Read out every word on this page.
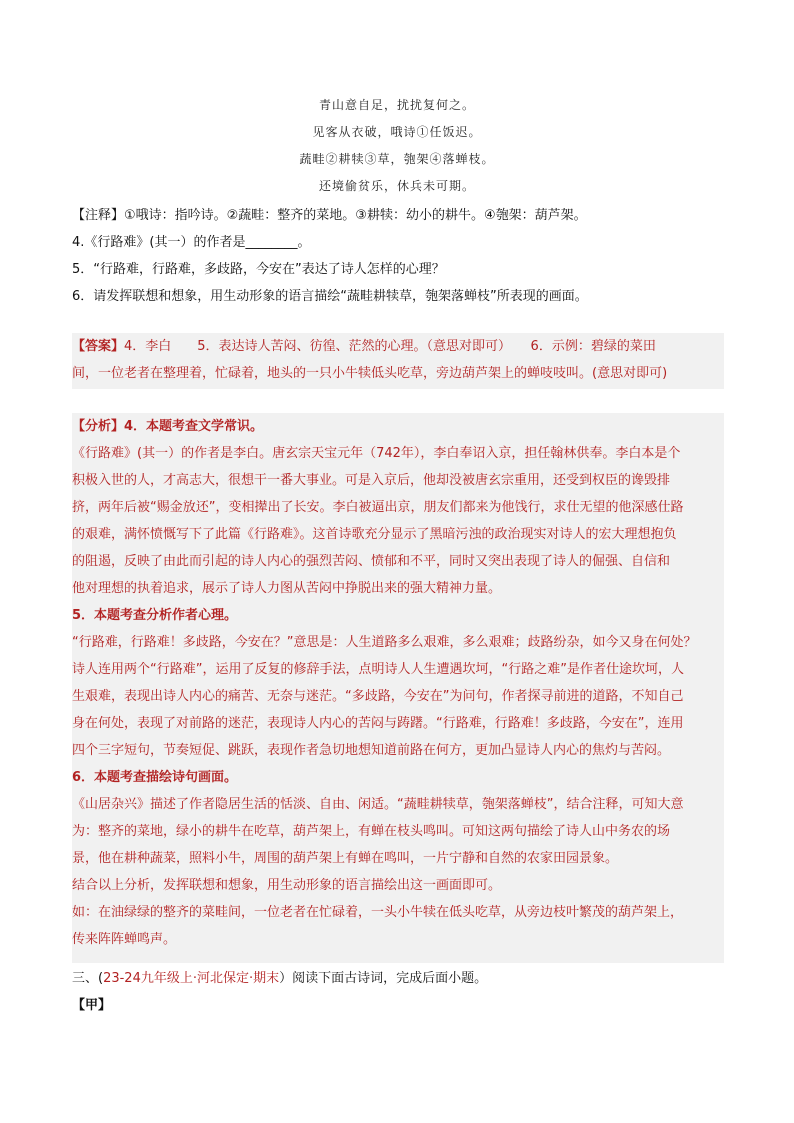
青山意自足，扰扰复何之。
见客从衣破，哦诗①任饭迟。
蔬畦②耕犊③草，匏架④落蝉枝。
还境偷贫乐，休兵未可期。
【注释】①哦诗：指吟诗。②蔬畦：整齐的菜地。③耕犊：幼小的耕牛。④匏架：葫芦架。
4.《行路难》(其一）的作者是________。
5．“行路难，行路难，多歧路，今安在”表达了诗人怎样的心理？
6．请发挥联想和想象，用生动形象的语言描绘“蔬畦耕犊草，匏架落蝉枝”所表现的画面。
【答案】4．李白　　5．表达诗人苦闷、彷徨、茫然的心理。（意思对即可）　　6．示例：碧绿的菜田
间，一位老者在整理着，忙碌着，地头的一只小牛犊低头吃草，旁边葫芦架上的蝉吱吱叫。(意思对即可)
【分析】4．本题考查文学常识。
《行路难》(其一）的作者是李白。唐玄宗天宝元年（742年），李白奉诏入京，担任翰林供奉。李白本是个
积极入世的人，才高志大，很想干一番大事业。可是入京后，他却没被唐玄宗重用，还受到权臣的谗毁排
挤，两年后被“赐金放还”，变相撵出了长安。李白被逼出京，朋友们都来为他饯行，求仕无望的他深感仕路
的艰难，满怀愤慨写下了此篇《行路难》。这首诗歌充分显示了黑暗污浊的政治现实对诗人的宏大理想抱负
的阻遏，反映了由此而引起的诗人内心的强烈苦闷、愤郁和不平，同时又突出表现了诗人的倔强、自信和
他对理想的执着追求，展示了诗人力图从苦闷中挣脱出来的强大精神力量。
5．本题考查分析作者心理。
“行路难，行路难！多歧路，今安在？”意思是：人生道路多么艰难，多么艰难；歧路纷杂，如今又身在何处？
诗人连用两个“行路难”，运用了反复的修辞手法，点明诗人人生遭遇坎坷，“行路之难”是作者仕途坎坷，人
生艰难，表现出诗人内心的痛苦、无奈与迷茫。“多歧路，今安在”为问句，作者探寻前进的道路，不知自己
身在何处，表现了对前路的迷茫，表现诗人内心的苦闷与踌躇。“行路难，行路难！多歧路，今安在”，连用
四个三字短句，节奏短促、跳跃，表现作者急切地想知道前路在何方，更加凸显诗人内心的焦灼与苦闷。
6．本题考查描绘诗句画面。
《山居杂兴》描述了作者隐居生活的恬淡、自由、闲适。“蔬畦耕犊草，匏架落蝉枝”，结合注释，可知大意
为：整齐的菜地，绿小的耕牛在吃草，葫芦架上，有蝉在枝头鸣叫。可知这两句描绘了诗人山中务农的场
景，他在耕种蔬菜，照料小牛，周围的葫芦架上有蝉在鸣叫，一片宁静和自然的农家田园景象。
结合以上分析，发挥联想和想象，用生动形象的语言描绘出这一画面即可。
如：在油绿绿的整齐的菜畦间，一位老者在忙碌着，一头小牛犊在低头吃草，从旁边枝叶繁茂的葫芦架上，
传来阵阵蝉鸣声。
三、(23-24九年级上·河北保定·期末）阅读下面古诗词，完成后面小题。
【甲】
